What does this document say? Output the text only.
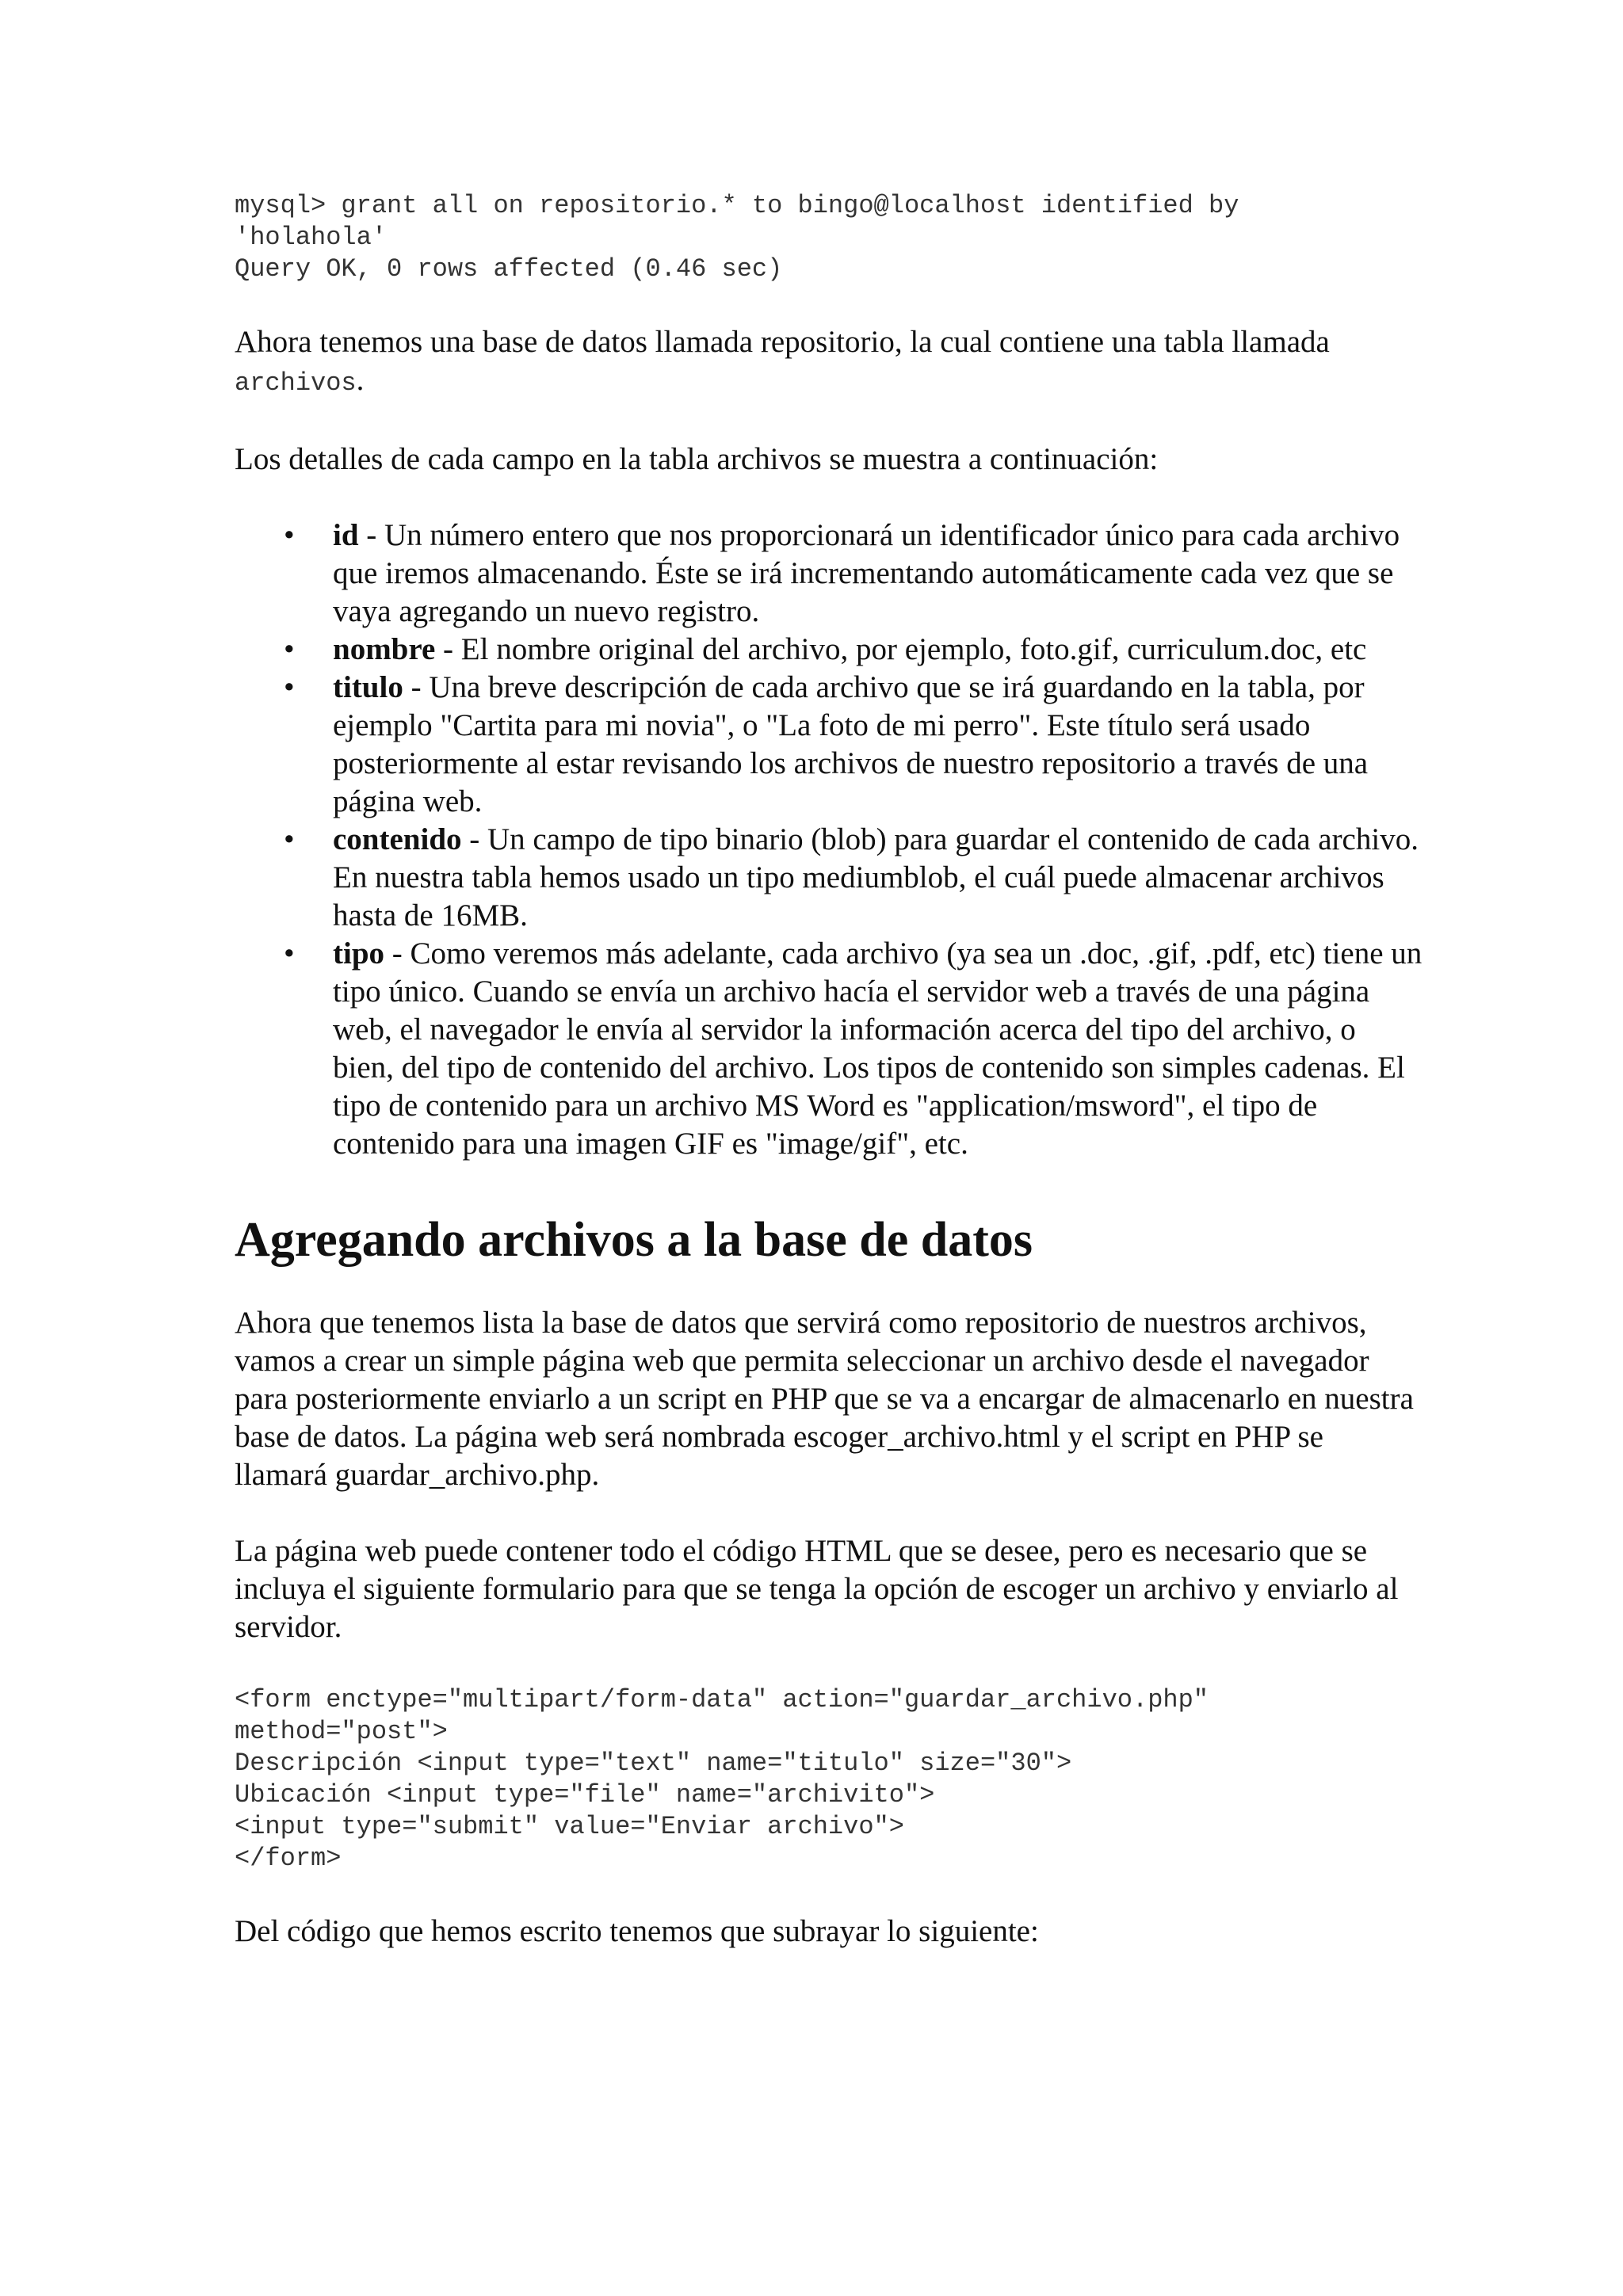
mysql> grant all on repositorio.* to bingo@localhost identified by
'holahola'
Query OK, 0 rows affected (0.46 sec)

Ahora tenemos una base de datos llamada repositorio, la cual contiene una tabla llamada
archivos.

Los detalles de cada campo en la tabla archivos se muestra a continuación:

•	id - Un número entero que nos proporcionará un identificador único para cada archivo que iremos almacenando. Éste se irá incrementando automáticamente cada vez que se vaya agregando un nuevo registro.
•	nombre - El nombre original del archivo, por ejemplo, foto.gif, curriculum.doc, etc
•	titulo - Una breve descripción de cada archivo que se irá guardando en la tabla, por ejemplo "Cartita para mi novia", o "La foto de mi perro". Este título será usado posteriormente al estar revisando los archivos de nuestro repositorio a través de una página web.
•	contenido - Un campo de tipo binario (blob) para guardar el contenido de cada archivo. En nuestra tabla hemos usado un tipo mediumblob, el cuál puede almacenar archivos hasta de 16MB.
•	tipo - Como veremos más adelante, cada archivo (ya sea un .doc, .gif, .pdf, etc) tiene un tipo único. Cuando se envía un archivo hacía el servidor web a través de una página web, el navegador le envía al servidor la información acerca del tipo del archivo, o bien, del tipo de contenido del archivo. Los tipos de contenido son simples cadenas. El tipo de contenido para un archivo MS Word es "application/msword", el tipo de contenido para una imagen GIF es "image/gif", etc.
Agregando archivos a la base de datos

Ahora que tenemos lista la base de datos que servirá como repositorio de nuestros archivos, vamos a crear un simple página web que permita seleccionar un archivo desde el navegador para posteriormente enviarlo a un script en PHP que se va a encargar de almacenarlo en nuestra base de datos. La página web será nombrada escoger_archivo.html y el script en PHP se llamará guardar_archivo.php.

La página web puede contener todo el código HTML que se desee, pero es necesario que se incluya el siguiente formulario para que se tenga la opción de escoger un archivo y enviarlo al servidor.

<form enctype="multipart/form-data" action="guardar_archivo.php"
method="post">
Descripción <input type="text" name="titulo" size="30">
Ubicación <input type="file" name="archivito">
<input type="submit" value="Enviar archivo">
</form>

Del código que hemos escrito tenemos que subrayar lo siguiente:
